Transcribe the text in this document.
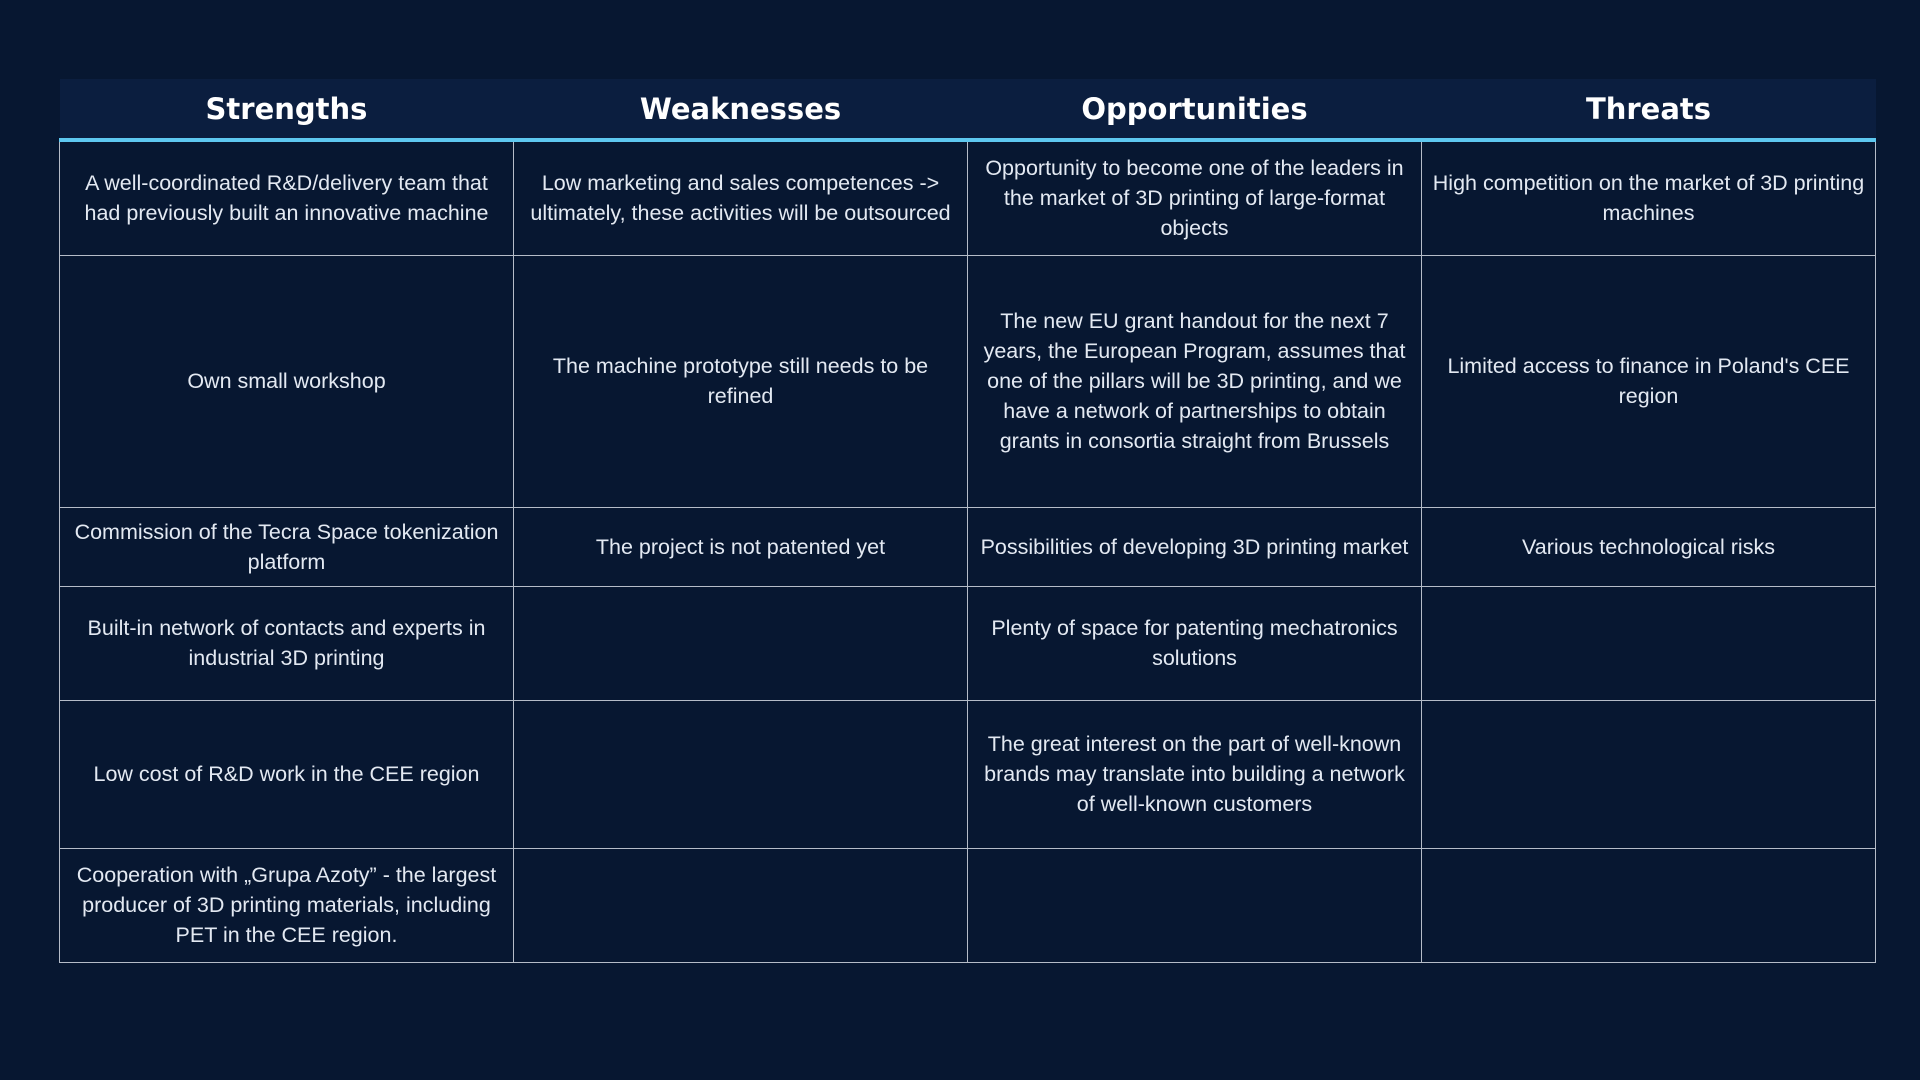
Strengths	Weaknesses	Opportunities	Threats
A well-coordinated R&D/delivery team that had previously built an innovative machine	Low marketing and sales competences -> ultimately, these activities will be outsourced	Opportunity to become one of the leaders in the market of 3D printing of large-format objects	High competition on the market of 3D printing machines
Own small workshop	The machine prototype still needs to be refined	The new EU grant handout for the next 7 years, the European Program, assumes that one of the pillars will be 3D printing, and we have a network of partnerships to obtain grants in consortia straight from Brussels	Limited access to finance in Poland's CEE region
Commission of the Tecra Space tokenization platform	The project is not patented yet	Possibilities of developing 3D printing market	Various technological risks
Built-in network of contacts and experts in industrial 3D printing		Plenty of space for patenting mechatronics solutions	
Low cost of R&D work in the CEE region		The great interest on the part of well-known brands may translate into building a network of well-known customers	
Cooperation with „Grupa Azoty” - the largest producer of 3D printing materials, including PET in the CEE region.			
